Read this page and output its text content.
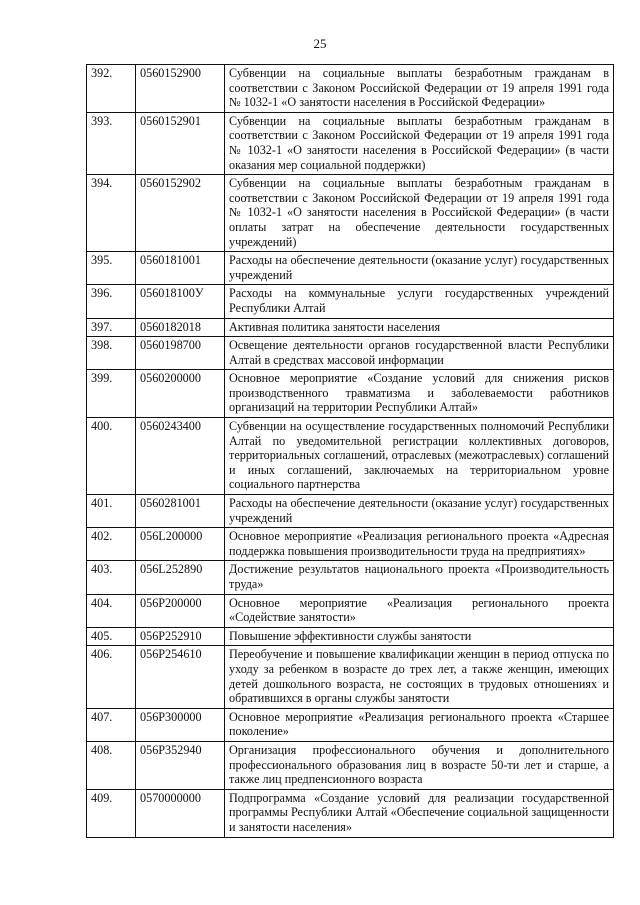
25
392.	0560152900	Субвенции на социальные выплаты безработным гражданам в соответствии с Законом Российской Федерации от 19 апреля 1991 года № 1032-1 «О занятости населения в Российской Федерации»
393.	0560152901	Субвенции на социальные выплаты безработным гражданам в соответствии с Законом Российской Федерации от 19 апреля 1991 года № 1032-1 «О занятости населения в Российской Федерации» (в части оказания мер социальной поддержки)
394.	0560152902	Субвенции на социальные выплаты безработным гражданам в соответствии с Законом Российской Федерации от 19 апреля 1991 года № 1032-1 «О занятости населения в Российской Федерации» (в части оплаты затрат на обеспечение деятельности государственных учреждений)
395.	0560181001	Расходы на обеспечение деятельности (оказание услуг) государственных учреждений
396.	056018100У	Расходы на коммунальные услуги государственных учреждений Республики Алтай
397.	0560182018	Активная политика занятости населения
398.	0560198700	Освещение деятельности органов государственной власти Республики Алтай в средствах массовой информации
399.	0560200000	Основное мероприятие «Создание условий для снижения рисков производственного травматизма и заболеваемости работников организаций на территории Республики Алтай»
400.	0560243400	Субвенции на осуществление государственных полномочий Республики Алтай по уведомительной регистрации коллективных договоров, территориальных соглашений, отраслевых (межотраслевых) соглашений и иных соглашений, заключаемых на территориальном уровне социального партнерства
401.	0560281001	Расходы на обеспечение деятельности (оказание услуг) государственных учреждений
402.	056L200000	Основное мероприятие «Реализация регионального проекта «Адресная поддержка повышения производительности труда на предприятиях»
403.	056L252890	Достижение результатов национального проекта «Производительность труда»
404.	056P200000	Основное мероприятие «Реализация регионального проекта «Содействие занятости»
405.	056P252910	Повышение эффективности службы занятости
406.	056P254610	Переобучение и повышение квалификации женщин в период отпуска по уходу за ребенком в возрасте до трех лет, а также женщин, имеющих детей дошкольного возраста, не состоящих в трудовых отношениях и обратившихся в органы службы занятости
407.	056P300000	Основное мероприятие «Реализация регионального проекта «Старшее поколение»
408.	056P352940	Организация профессионального обучения и дополнительного профессионального образования лиц в возрасте 50-ти лет и старше, а также лиц предпенсионного возраста
409.	0570000000	Подпрограмма «Создание условий для реализации государственной программы Республики Алтай «Обеспечение социальной защищенности и занятости населения»
